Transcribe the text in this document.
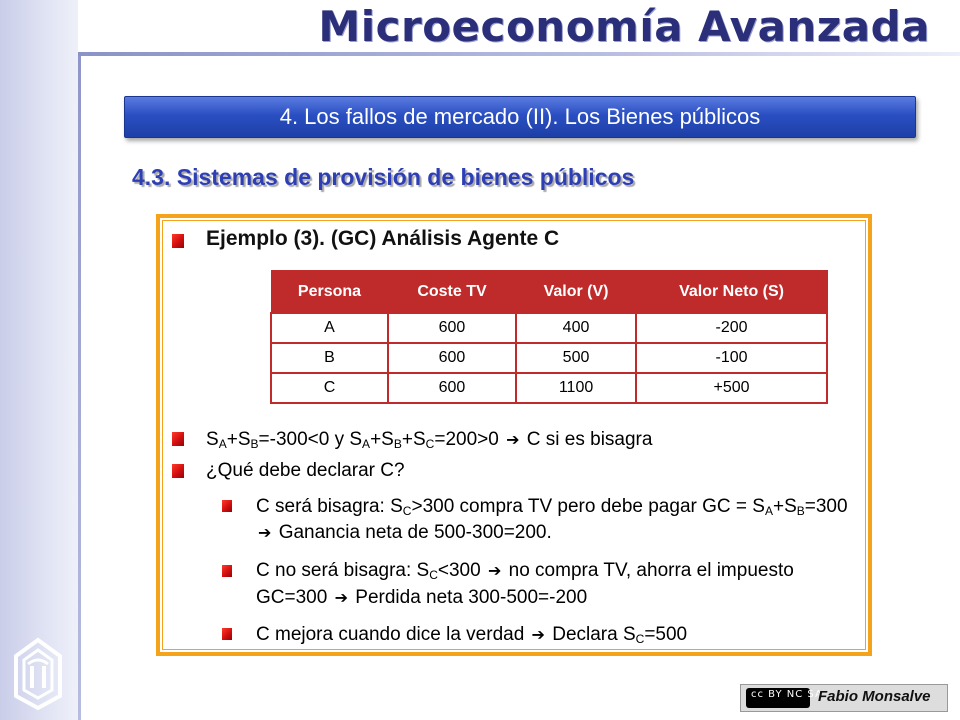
Microeconomía Avanzada
4. Los fallos de mercado (II). Los Bienes públicos
4.3. Sistemas de provisión de bienes públicos
Ejemplo (3). (GC) Análisis Agente C
Persona	Coste TV	Valor (V)	Valor Neto (S)
A	600	400	-200
B	600	500	-100
C	600	1100	+500
$S_A+S_B=-300<0$ y $S_A+S_B+S_C=200>0$ ➔ C si es bisagra
¿Qué debe declarar C?
C será bisagra: $S_C>300$ compra TV pero debe pagar GC = $S_A+S_B=300$ ➔ Ganancia neta de 500-300=200.
C no será bisagra: $S_C<300$ ➔ no compra TV, ahorra el impuesto GC=300 ➔ Perdida neta 300-500=-200
C mejora cuando dice la verdad ➔ Declara $S_C=500$
cc BY NC SA
Fabio Monsalve
